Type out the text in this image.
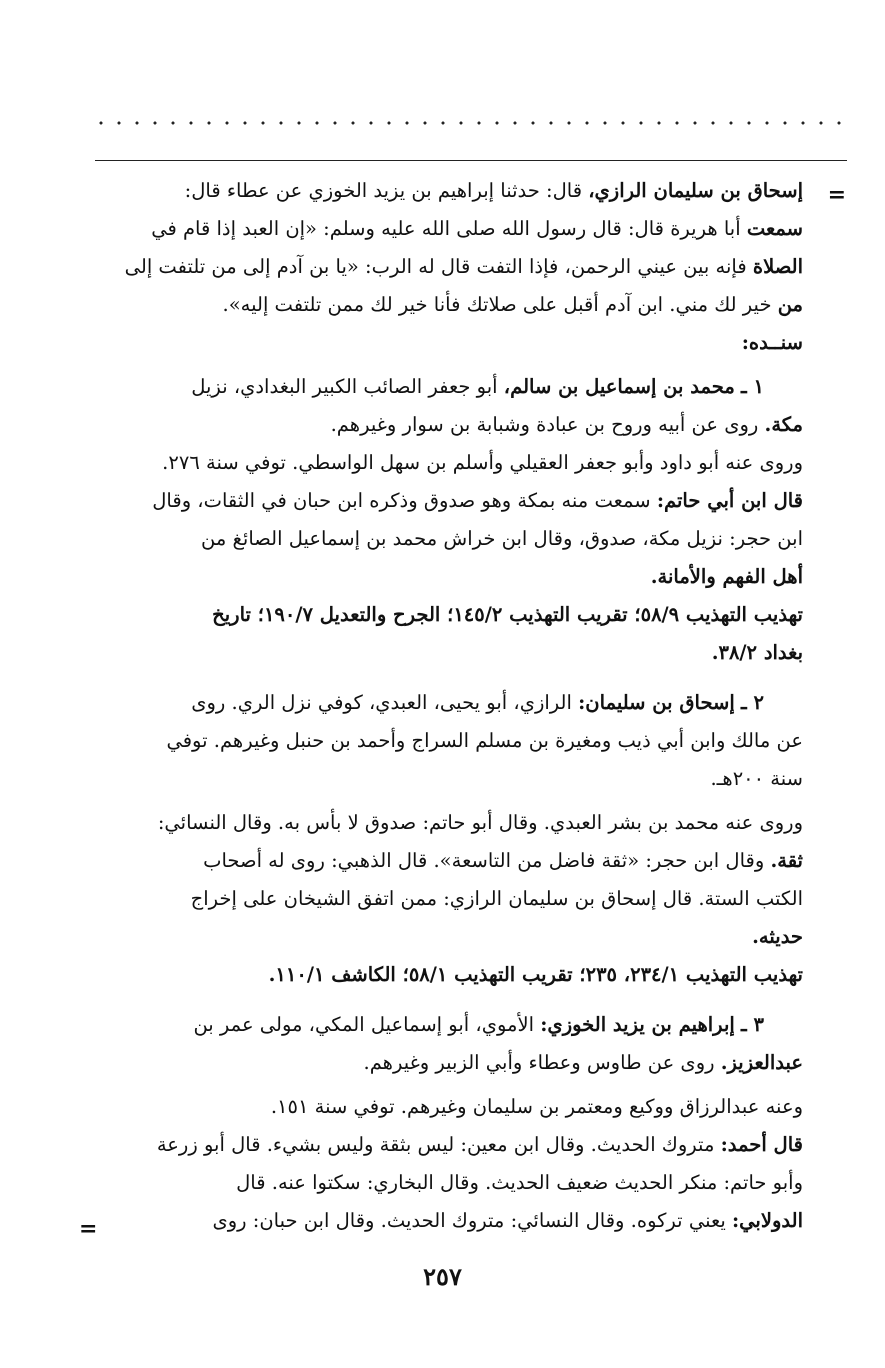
=

إسحاق بن سليمان الرازي، قال: حدثنا إبراهيم بن يزيد الخوزي عن عطاء قال:

سمعت أبا هريرة قال: قال رسول الله صلى الله عليه وسلم: «إن العبد إذا قام في

الصلاة فإنه بين عيني الرحمن، فإذا التفت قال له الرب: «يا بن آدم إلى من تلتفت إلى

من خير لك مني. ابن آدم أقبل على صلاتك فأنا خير لك ممن تلتفت إليه».

سنــده:

  ١ ـ محمد بن إسماعيل بن سالم، أبو جعفر الصائب الكبير البغدادي، نزيل

مكة. روى عن أبيه وروح بن عبادة وشبابة بن سوار وغيرهم.

وروى عنه أبو داود وأبو جعفر العقيلي وأسلم بن سهل الواسطي. توفي سنة ٢٧٦.

قال ابن أبي حاتم: سمعت منه بمكة وهو صدوق وذكره ابن حبان في الثقات، وقال

ابن حجر: نزيل مكة، صدوق، وقال ابن خراش محمد بن إسماعيل الصائغ من

أهل الفهم والأمانة.

تهذيب التهذيب ٥٨/٩؛ تقريب التهذيب ١٤٥/٢؛ الجرح والتعديل ١٩٠/٧؛ تاريخ

بغداد ٣٨/٢.

  ٢ ـ إسحاق بن سليمان: الرازي، أبو يحيى، العبدي، كوفي نزل الري. روى

عن مالك وابن أبي ذيب ومغيرة بن مسلم السراج وأحمد بن حنبل وغيرهم. توفي

سنة ٢٠٠هـ.

وروى عنه محمد بن بشر العبدي. وقال أبو حاتم: صدوق لا بأس به. وقال النسائي:

ثقة. وقال ابن حجر: «ثقة فاضل من التاسعة». قال الذهبي: روى له أصحاب

الكتب الستة. قال إسحاق بن سليمان الرازي: ممن اتفق الشيخان على إخراج

حديثه.

تهذيب التهذيب ٢٣٤/١، ٢٣٥؛ تقريب التهذيب ٥٨/١؛ الكاشف ١١٠/١.

  ٣ ـ إبراهيم بن يزيد الخوزي: الأموي، أبو إسماعيل المكي، مولى عمر بن

عبدالعزيز. روى عن طاوس وعطاء وأبي الزبير وغيرهم.

وعنه عبدالرزاق ووكيع ومعتمر بن سليمان وغيرهم. توفي سنة ١٥١.

قال أحمد: متروك الحديث. وقال ابن معين: ليس بثقة وليس بشيء. قال أبو زرعة

وأبو حاتم: منكر الحديث ضعيف الحديث. وقال البخاري: سكتوا عنه. قال

الدولابي: يعني تركوه. وقال النسائي: متروك الحديث. وقال ابن حبان: روى

=
٢٥٧
